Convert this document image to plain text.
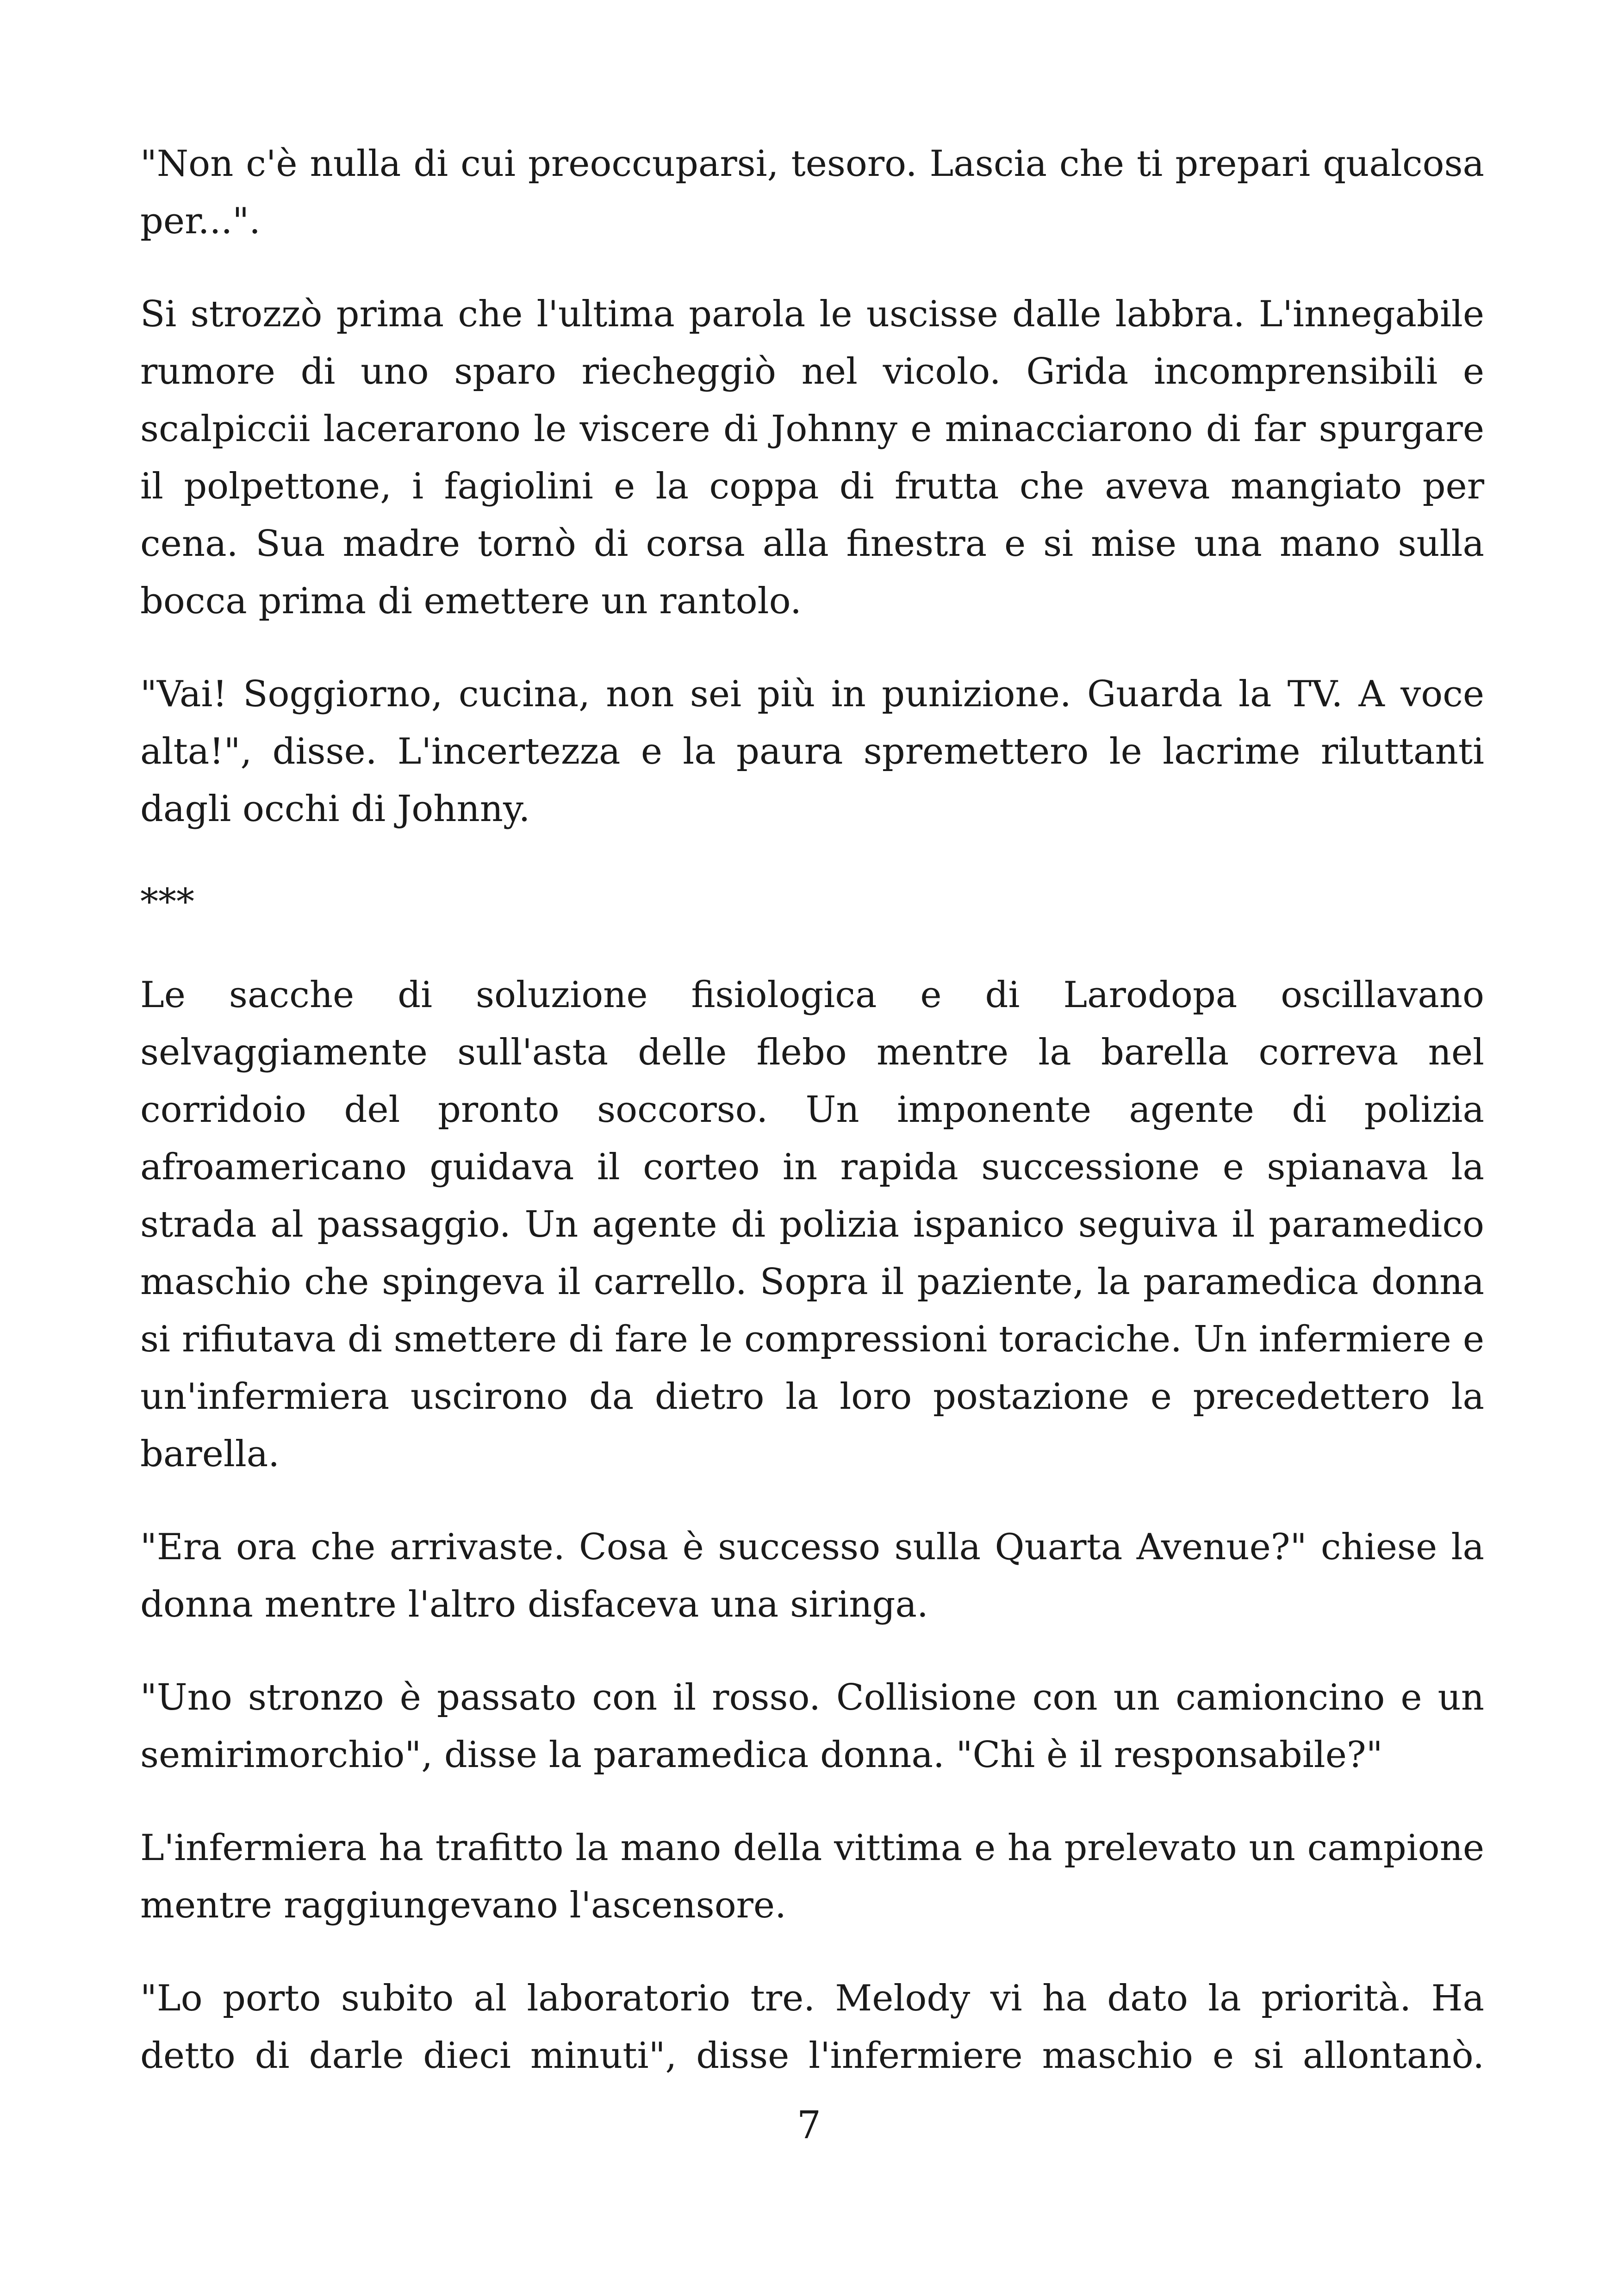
"Non c'è nulla di cui preoccuparsi, tesoro. Lascia che ti prepari qualcosa per...".

Si strozzò prima che l'ultima parola le uscisse dalle labbra. L'innegabile rumore di uno sparo riecheggiò nel vicolo. Grida incomprensibili e scalpiccii lacerarono le viscere di Johnny e minacciarono di far spurgare il polpettone, i fagiolini e la coppa di frutta che aveva mangiato per cena. Sua madre tornò di corsa alla finestra e si mise una mano sulla bocca prima di emettere un rantolo.

"Vai! Soggiorno, cucina, non sei più in punizione. Guarda la TV. A voce alta!", disse. L'incertezza e la paura spremettero le lacrime riluttanti dagli occhi di Johnny.

***

Le sacche di soluzione fisiologica e di Larodopa oscillavano selvaggiamente sull'asta delle flebo mentre la barella correva nel corridoio del pronto soccorso. Un imponente agente di polizia afroamericano guidava il corteo in rapida successione e spianava la strada al passaggio. Un agente di polizia ispanico seguiva il paramedico maschio che spingeva il carrello. Sopra il paziente, la paramedica donna si rifiutava di smettere di fare le compressioni toraciche. Un infermiere e un'infermiera uscirono da dietro la loro postazione e precedettero la barella.

"Era ora che arrivaste. Cosa è successo sulla Quarta Avenue?" chiese la donna mentre l'altro disfaceva una siringa.

"Uno stronzo è passato con il rosso. Collisione con un camioncino e un semirimorchio", disse la paramedica donna. "Chi è il responsabile?"

L'infermiera ha trafitto la mano della vittima e ha prelevato un campione mentre raggiungevano l'ascensore.

"Lo porto subito al laboratorio tre. Melody vi ha dato la priorità. Ha detto di darle dieci minuti", disse l'infermiere maschio e si allontanò.

7
